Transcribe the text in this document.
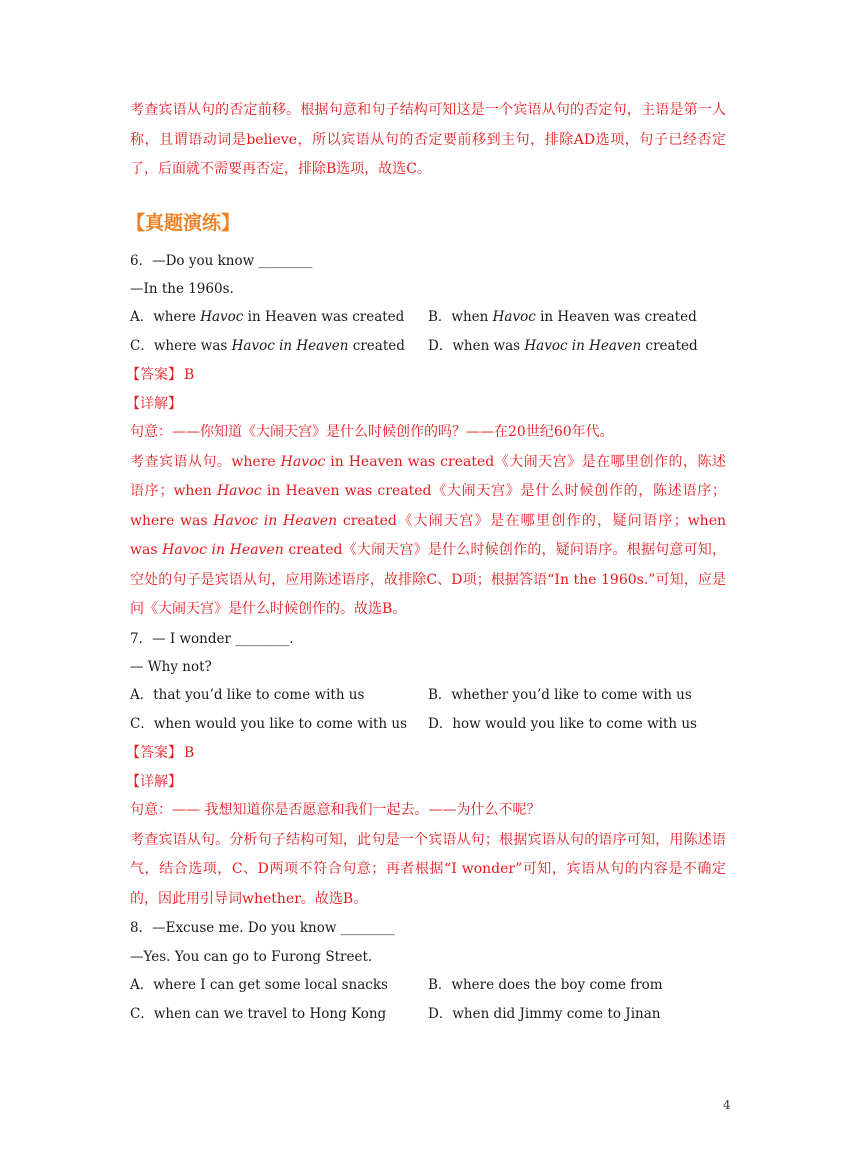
考查宾语从句的否定前移。根据句意和句子结构可知这是一个宾语从句的否定句，主语是第一人称，且谓语动词是believe，所以宾语从句的否定要前移到主句，排除AD选项，句子已经否定了，后面就不需要再否定，排除B选项，故选C。

【真题演练】
6．—Do you know ________
—In the 1960s.
A．where Havoc in Heaven was created	B．when Havoc in Heaven was created
C．where was Havoc in Heaven created	D．when was Havoc in Heaven created
【答案】 B
【详解】
句意：——你知道《大闹天宫》是什么时候创作的吗？——在20世纪60年代。
考查宾语从句。where Havoc in Heaven was created《大闹天宫》是在哪里创作的，陈述语序；when Havoc in Heaven was created《大闹天宫》是什么时候创作的，陈述语序；where was Havoc in Heaven created《大闹天宫》是在哪里创作的，疑问语序；when was Havoc in Heaven created《大闹天宫》是什么时候创作的，疑问语序。根据句意可知，空处的句子是宾语从句，应用陈述语序，故排除C、D项；根据答语“In the 1960s.”可知，应是问《大闹天宫》是什么时候创作的。故选B。
7．— I wonder ________.
— Why not?
A．that you’d like to come with us	B．whether you’d like to come with us
C．when would you like to come with us	D．how would you like to come with us
【答案】 B
【详解】
句意：—— 我想知道你是否愿意和我们一起去。——为什么不呢？
考查宾语从句。分析句子结构可知，此句是一个宾语从句；根据宾语从句的语序可知，用陈述语气，结合选项，C、D两项不符合句意；再者根据“I wonder”可知，宾语从句的内容是不确定的，因此用引导词whether。故选B。
8．—Excuse me. Do you know ________
—Yes. You can go to Furong Street.
A．where I can get some local snacks	B．where does the boy come from
C．when can we travel to Hong Kong	D．when did Jimmy come to Jinan
4
